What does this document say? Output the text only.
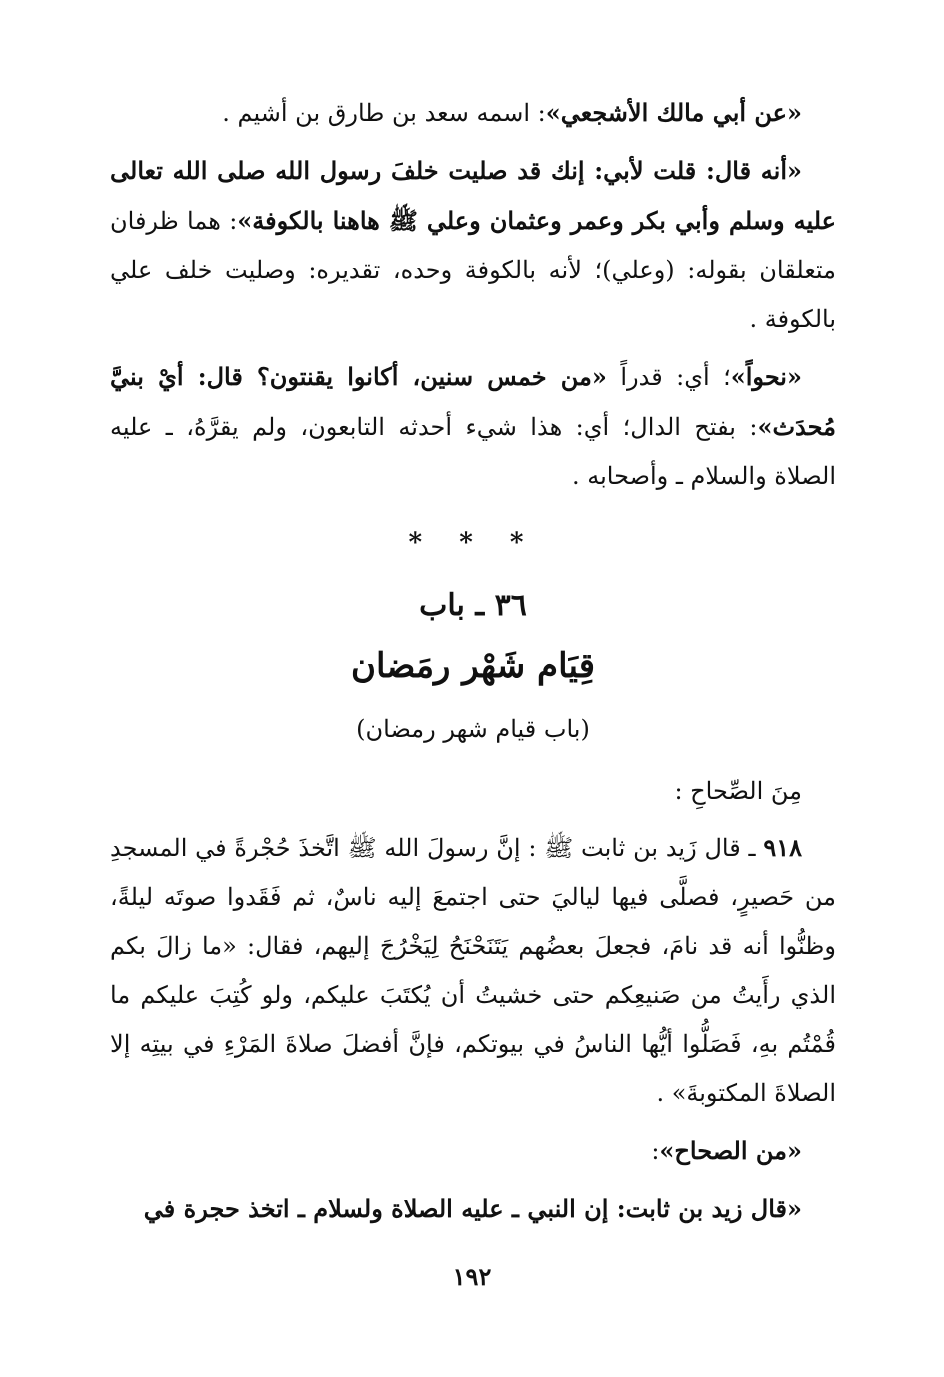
«عن أبي مالك الأشجعي»: اسمه سعد بن طارق بن أشيم .

«أنه قال: قلت لأبي: إنك قد صليت خلفَ رسول الله صلى الله تعالى عليه وسلم وأبي بكر وعمر وعثمان وعلي ﷺ هاهنا بالكوفة»: هما ظرفان متعلقان بقوله: (وعلي)؛ لأنه بالكوفة وحده، تقديره: وصليت خلف علي بالكوفة .

«نحواً»؛ أي: قدراً «من خمس سنين، أكانوا يقنتون؟ قال: أيْ بنيَّ مُحدَث»: بفتح الدال؛ أي: هذا شيء أحدثه التابعون، ولم يقرَّهُ، ـ عليه الصلاة والسلام ـ وأصحابه .

* * *
٣٦ ـ باب
قِيَام شَهْر رمَضان
(باب قيام شهر رمضان)
مِنَ الصِّحاحِ :

٩١٨ ـ قال زَيد بن ثابت ﷺ : إنَّ رسولَ الله ﷺ اتَّخذَ حُجْرةً في المسجدِ من حَصيرٍ، فصلَّى فيها لياليَ حتى اجتمعَ إليه ناسٌ، ثم فَقَدوا صوتَه ليلةً، وظنُّوا أنه قد نامَ، فجعلَ بعضُهم يَتَنَحْنَحُ لِيَخْرُجَ إليهم، فقال: «ما زالَ بكم الذي رأَيتُ من صَنيعِكم حتى خشيتُ أن يُكتَبَ عليكم، ولو كُتِبَ عليكم ما قُمْتُم بهِ، فَصَلُّوا أيُّها الناسُ في بيوتكم، فإنَّ أفضلَ صلاةَ المَرْءِ في بيتِه إلا الصلاةَ المكتوبةَ» .

«من الصحاح»:

«قال زيد بن ثابت: إن النبي ـ عليه الصلاة ولسلام ـ اتخذ حجرة في

١٩٢
